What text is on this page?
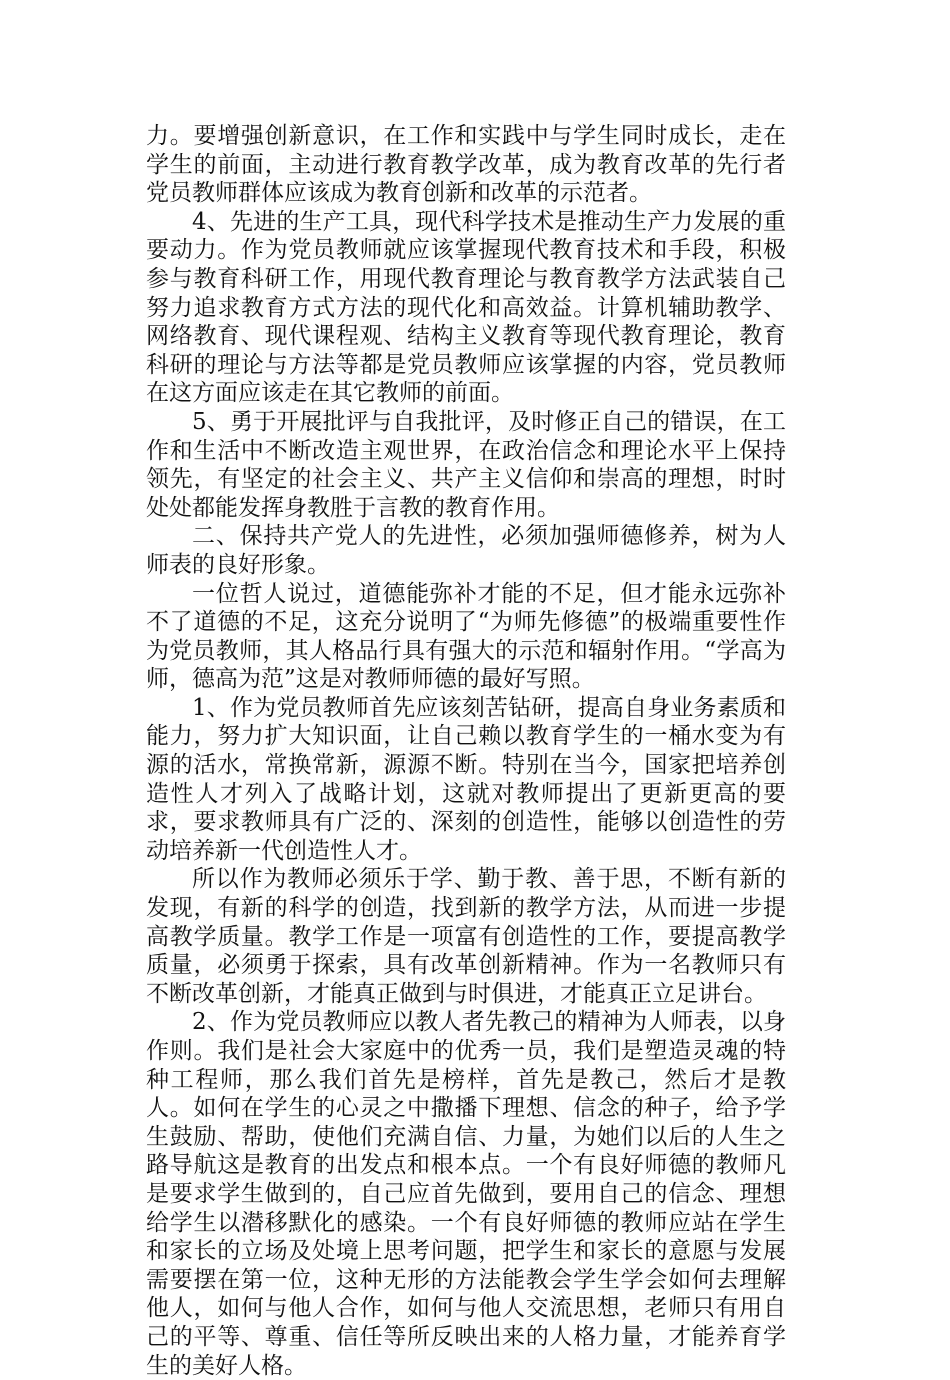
力。要增强创新意识，在工作和实践中与学生同时成长，走在学生的前面，主动进行教育教学改革，成为教育改革的先行者党员教师群体应该成为教育创新和改革的示范者。

4、先进的生产工具，现代科学技术是推动生产力发展的重要动力。作为党员教师就应该掌握现代教育技术和手段，积极参与教育科研工作，用现代教育理论与教育教学方法武装自己努力追求教育方式方法的现代化和高效益。计算机辅助教学、网络教育、现代课程观、结构主义教育等现代教育理论，教育科研的理论与方法等都是党员教师应该掌握的内容，党员教师在这方面应该走在其它教师的前面。

5、勇于开展批评与自我批评，及时修正自己的错误，在工作和生活中不断改造主观世界，在政治信念和理论水平上保持领先，有坚定的社会主义、共产主义信仰和崇高的理想，时时处处都能发挥身教胜于言教的教育作用。

二、保持共产党人的先进性，必须加强师德修养，树为人师表的良好形象。

一位哲人说过，道德能弥补才能的不足，但才能永远弥补不了道德的不足，这充分说明了“为师先修德”的极端重要性作为党员教师，其人格品行具有强大的示范和辐射作用。“学高为师，德高为范”这是对教师师德的最好写照。

1、作为党员教师首先应该刻苦钻研，提高自身业务素质和能力，努力扩大知识面，让自己赖以教育学生的一桶水变为有源的活水，常换常新，源源不断。特别在当今，国家把培养创造性人才列入了战略计划，这就对教师提出了更新更高的要求，要求教师具有广泛的、深刻的创造性，能够以创造性的劳动培养新一代创造性人才。

所以作为教师必须乐于学、勤于教、善于思，不断有新的发现，有新的科学的创造，找到新的教学方法，从而进一步提高教学质量。教学工作是一项富有创造性的工作，要提高教学质量，必须勇于探索，具有改革创新精神。作为一名教师只有不断改革创新，才能真正做到与时俱进，才能真正立足讲台。

2、作为党员教师应以教人者先教己的精神为人师表，以身作则。我们是社会大家庭中的优秀一员，我们是塑造灵魂的特种工程师，那么我们首先是榜样，首先是教己，然后才是教人。如何在学生的心灵之中撒播下理想、信念的种子，给予学生鼓励、帮助，使他们充满自信、力量，为她们以后的人生之路导航这是教育的出发点和根本点。一个有良好师德的教师凡是要求学生做到的，自己应首先做到，要用自己的信念、理想给学生以潜移默化的感染。一个有良好师德的教师应站在学生和家长的立场及处境上思考问题，把学生和家长的意愿与发展需要摆在第一位，这种无形的方法能教会学生学会如何去理解他人，如何与他人合作，如何与他人交流思想，老师只有用自己的平等、尊重、信任等所反映出来的人格力量，才能养育学生的美好人格。
